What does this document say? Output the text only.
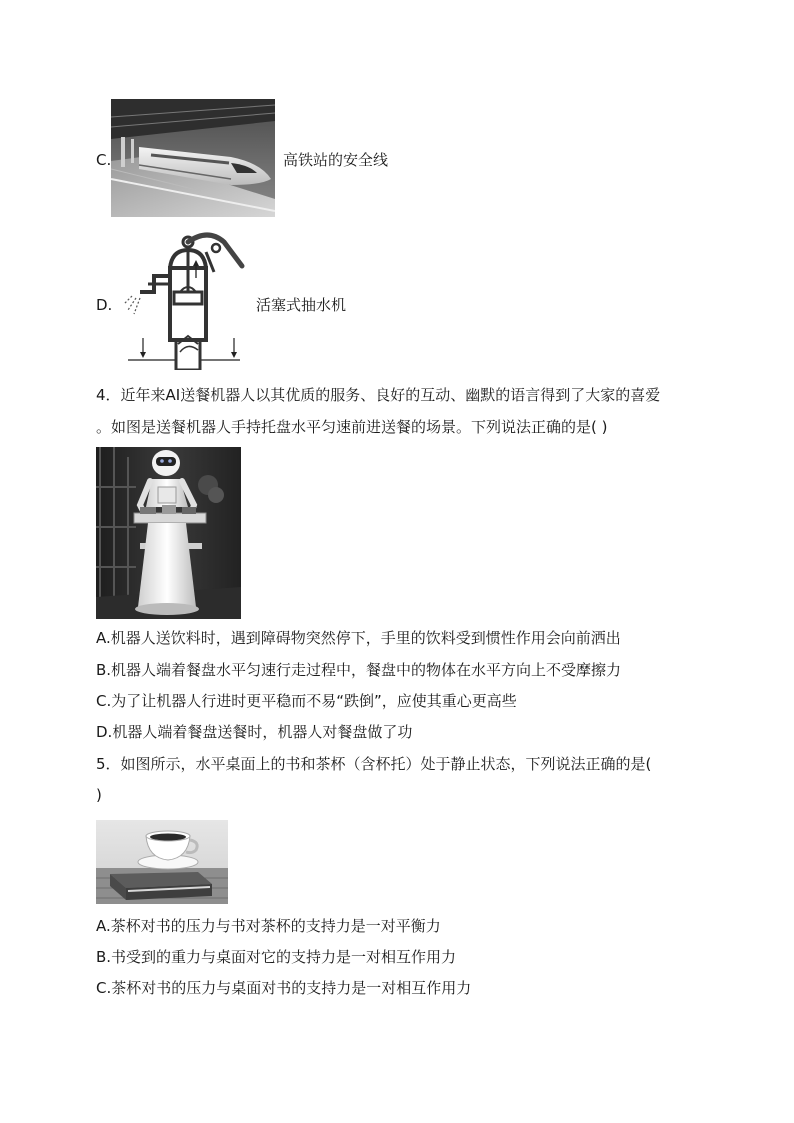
C.	高铁站的安全线
D.	活塞式抽水机
4．近年来AI送餐机器人以其优质的服务、良好的互动、幽默的语言得到了大家的喜爱
。如图是送餐机器人手持托盘水平匀速前进送餐的场景。下列说法正确的是( )
A.机器人送饮料时，遇到障碍物突然停下，手里的饮料受到惯性作用会向前洒出
B.机器人端着餐盘水平匀速行走过程中，餐盘中的物体在水平方向上不受摩擦力
C.为了让机器人行进时更平稳而不易“跌倒”，应使其重心更高些
D.机器人端着餐盘送餐时，机器人对餐盘做了功
5．如图所示，水平桌面上的书和茶杯（含杯托）处于静止状态，下列说法正确的是(
)
A.茶杯对书的压力与书对茶杯的支持力是一对平衡力
B.书受到的重力与桌面对它的支持力是一对相互作用力
C.茶杯对书的压力与桌面对书的支持力是一对相互作用力
